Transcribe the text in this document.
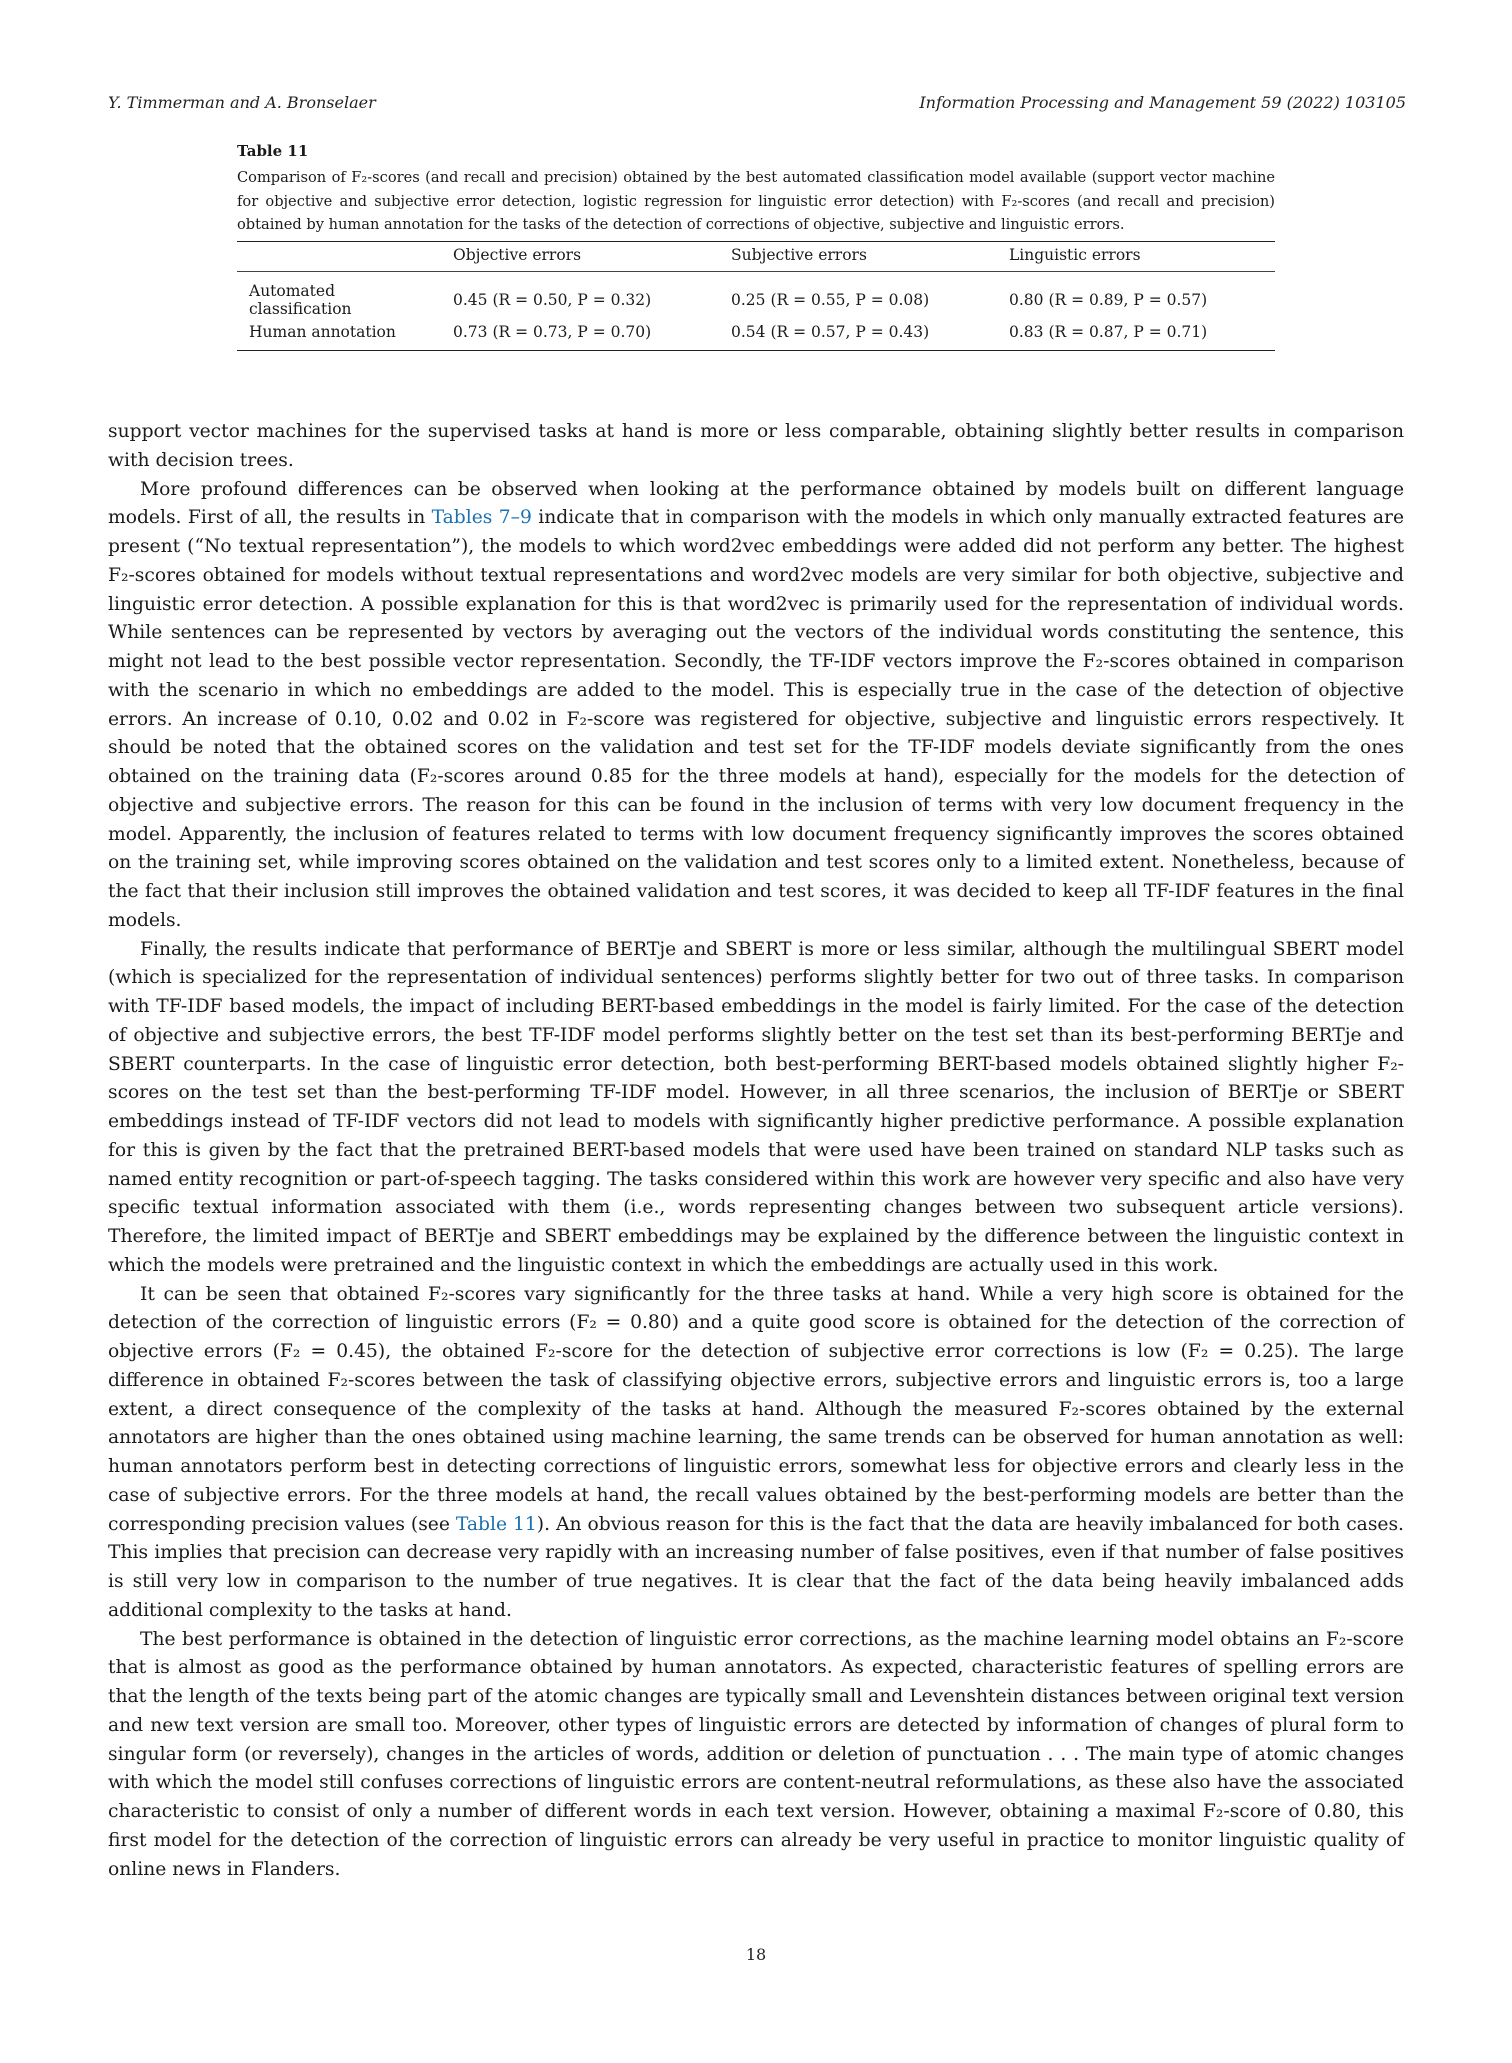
Y. Timmerman and A. Bronselaer	Information Processing and Management 59 (2022) 103105
Table 11

Comparison of F₂-scores (and recall and precision) obtained by the best automated classification model available (support vector machine for objective and subjective error detection, logistic regression for linguistic error detection) with F₂-scores (and recall and precision) obtained by human annotation for the tasks of the detection of corrections of objective, subjective and linguistic errors.

	Objective errors	Subjective errors	Linguistic errors
Automated classification	0.45 (R = 0.50, P = 0.32)	0.25 (R = 0.55, P = 0.08)	0.80 (R = 0.89, P = 0.57)
Human annotation	0.73 (R = 0.73, P = 0.70)	0.54 (R = 0.57, P = 0.43)	0.83 (R = 0.87, P = 0.71)

support vector machines for the supervised tasks at hand is more or less comparable, obtaining slightly better results in comparison with decision trees.

More profound differences can be observed when looking at the performance obtained by models built on different language models. First of all, the results in Tables 7–9 indicate that in comparison with the models in which only manually extracted features are present (“No textual representation”), the models to which word2vec embeddings were added did not perform any better. The highest F₂-scores obtained for models without textual representations and word2vec models are very similar for both objective, subjective and linguistic error detection. A possible explanation for this is that word2vec is primarily used for the representation of individual words. While sentences can be represented by vectors by averaging out the vectors of the individual words constituting the sentence, this might not lead to the best possible vector representation. Secondly, the TF-IDF vectors improve the F₂-scores obtained in comparison with the scenario in which no embeddings are added to the model. This is especially true in the case of the detection of objective errors. An increase of 0.10, 0.02 and 0.02 in F₂-score was registered for objective, subjective and linguistic errors respectively. It should be noted that the obtained scores on the validation and test set for the TF-IDF models deviate significantly from the ones obtained on the training data (F₂-scores around 0.85 for the three models at hand), especially for the models for the detection of objective and subjective errors. The reason for this can be found in the inclusion of terms with very low document frequency in the model. Apparently, the inclusion of features related to terms with low document frequency significantly improves the scores obtained on the training set, while improving scores obtained on the validation and test scores only to a limited extent. Nonetheless, because of the fact that their inclusion still improves the obtained validation and test scores, it was decided to keep all TF-IDF features in the final models.

Finally, the results indicate that performance of BERTje and SBERT is more or less similar, although the multilingual SBERT model (which is specialized for the representation of individual sentences) performs slightly better for two out of three tasks. In comparison with TF-IDF based models, the impact of including BERT-based embeddings in the model is fairly limited. For the case of the detection of objective and subjective errors, the best TF-IDF model performs slightly better on the test set than its best-performing BERTje and SBERT counterparts. In the case of linguistic error detection, both best-performing BERT-based models obtained slightly higher F₂-scores on the test set than the best-performing TF-IDF model. However, in all three scenarios, the inclusion of BERTje or SBERT embeddings instead of TF-IDF vectors did not lead to models with significantly higher predictive performance. A possible explanation for this is given by the fact that the pretrained BERT-based models that were used have been trained on standard NLP tasks such as named entity recognition or part-of-speech tagging. The tasks considered within this work are however very specific and also have very specific textual information associated with them (i.e., words representing changes between two subsequent article versions). Therefore, the limited impact of BERTje and SBERT embeddings may be explained by the difference between the linguistic context in which the models were pretrained and the linguistic context in which the embeddings are actually used in this work.

It can be seen that obtained F₂-scores vary significantly for the three tasks at hand. While a very high score is obtained for the detection of the correction of linguistic errors (F₂ = 0.80) and a quite good score is obtained for the detection of the correction of objective errors (F₂ = 0.45), the obtained F₂-score for the detection of subjective error corrections is low (F₂ = 0.25). The large difference in obtained F₂-scores between the task of classifying objective errors, subjective errors and linguistic errors is, too a large extent, a direct consequence of the complexity of the tasks at hand. Although the measured F₂-scores obtained by the external annotators are higher than the ones obtained using machine learning, the same trends can be observed for human annotation as well: human annotators perform best in detecting corrections of linguistic errors, somewhat less for objective errors and clearly less in the case of subjective errors. For the three models at hand, the recall values obtained by the best-performing models are better than the corresponding precision values (see Table 11). An obvious reason for this is the fact that the data are heavily imbalanced for both cases. This implies that precision can decrease very rapidly with an increasing number of false positives, even if that number of false positives is still very low in comparison to the number of true negatives. It is clear that the fact of the data being heavily imbalanced adds additional complexity to the tasks at hand.

The best performance is obtained in the detection of linguistic error corrections, as the machine learning model obtains an F₂-score that is almost as good as the performance obtained by human annotators. As expected, characteristic features of spelling errors are that the length of the texts being part of the atomic changes are typically small and Levenshtein distances between original text version and new text version are small too. Moreover, other types of linguistic errors are detected by information of changes of plural form to singular form (or reversely), changes in the articles of words, addition or deletion of punctuation . . . The main type of atomic changes with which the model still confuses corrections of linguistic errors are content-neutral reformulations, as these also have the associated characteristic to consist of only a number of different words in each text version. However, obtaining a maximal F₂-score of 0.80, this first model for the detection of the correction of linguistic errors can already be very useful in practice to monitor linguistic quality of online news in Flanders.

18
